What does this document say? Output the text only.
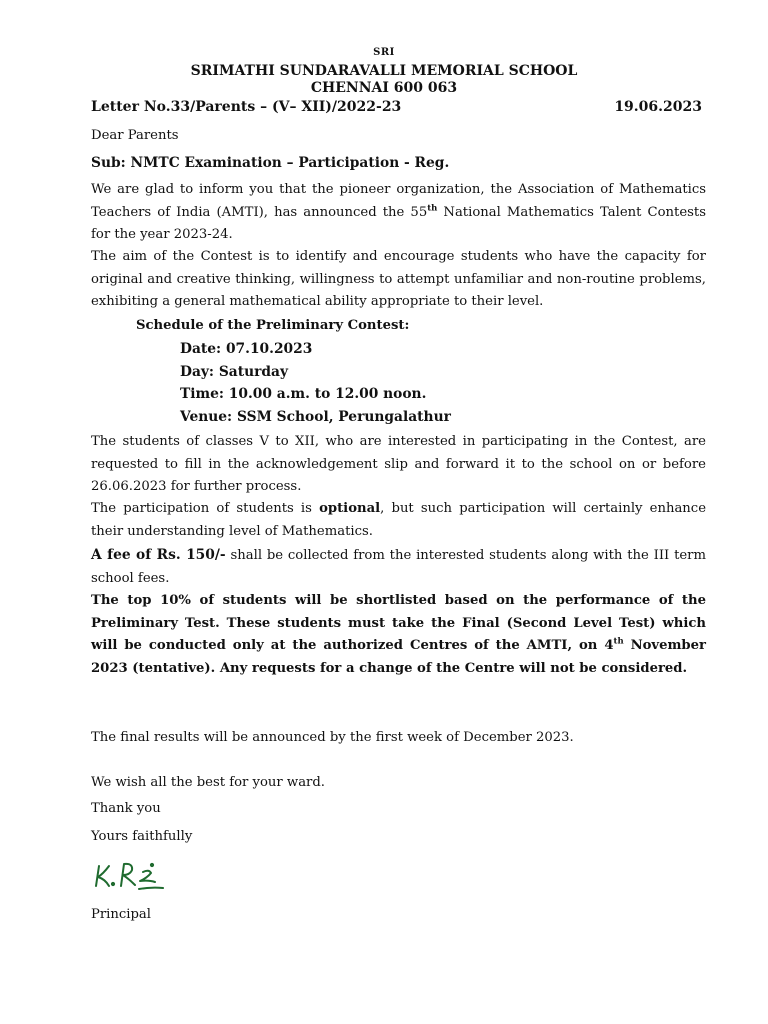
SRI
SRIMATHI SUNDARAVALLI MEMORIAL SCHOOL
CHENNAI 600 063
Letter No.33/Parents – (V– XII)/2022-23	19.06.2023
Dear Parents
Sub: NMTC Examination – Participation - Reg.

We are glad to inform you that the pioneer organization, the Association of Mathematics Teachers of India (AMTI), has announced the 55th National Mathematics Talent Contests for the year 2023-24.

The aim of the Contest is to identify and encourage students who have the capacity for original and creative thinking, willingness to attempt unfamiliar and non-routine problems, exhibiting a general mathematical ability appropriate to their level.

Schedule of the Preliminary Contest:
Date: 07.10.2023
Day: Saturday
Time: 10.00 a.m. to 12.00 noon.
Venue: SSM School, Perungalathur

The students of classes V to XII, who are interested in participating in the Contest, are requested to fill in the acknowledgement slip and forward it to the school on or before 26.06.2023 for further process.

The participation of students is optional, but such participation will certainly enhance their understanding level of Mathematics.

A fee of Rs. 150/- shall be collected from the interested students along with the III term school fees.

The top 10% of students will be shortlisted based on the performance of the Preliminary Test. These students must take the Final (Second Level Test) which will be conducted only at the authorized Centres of the AMTI, on 4th November 2023 (tentative). Any requests for a change of the Centre will not be considered.

The final results will be announced by the first week of December 2023.
We wish all the best for your ward.
Thank you
Yours faithfully
Principal
